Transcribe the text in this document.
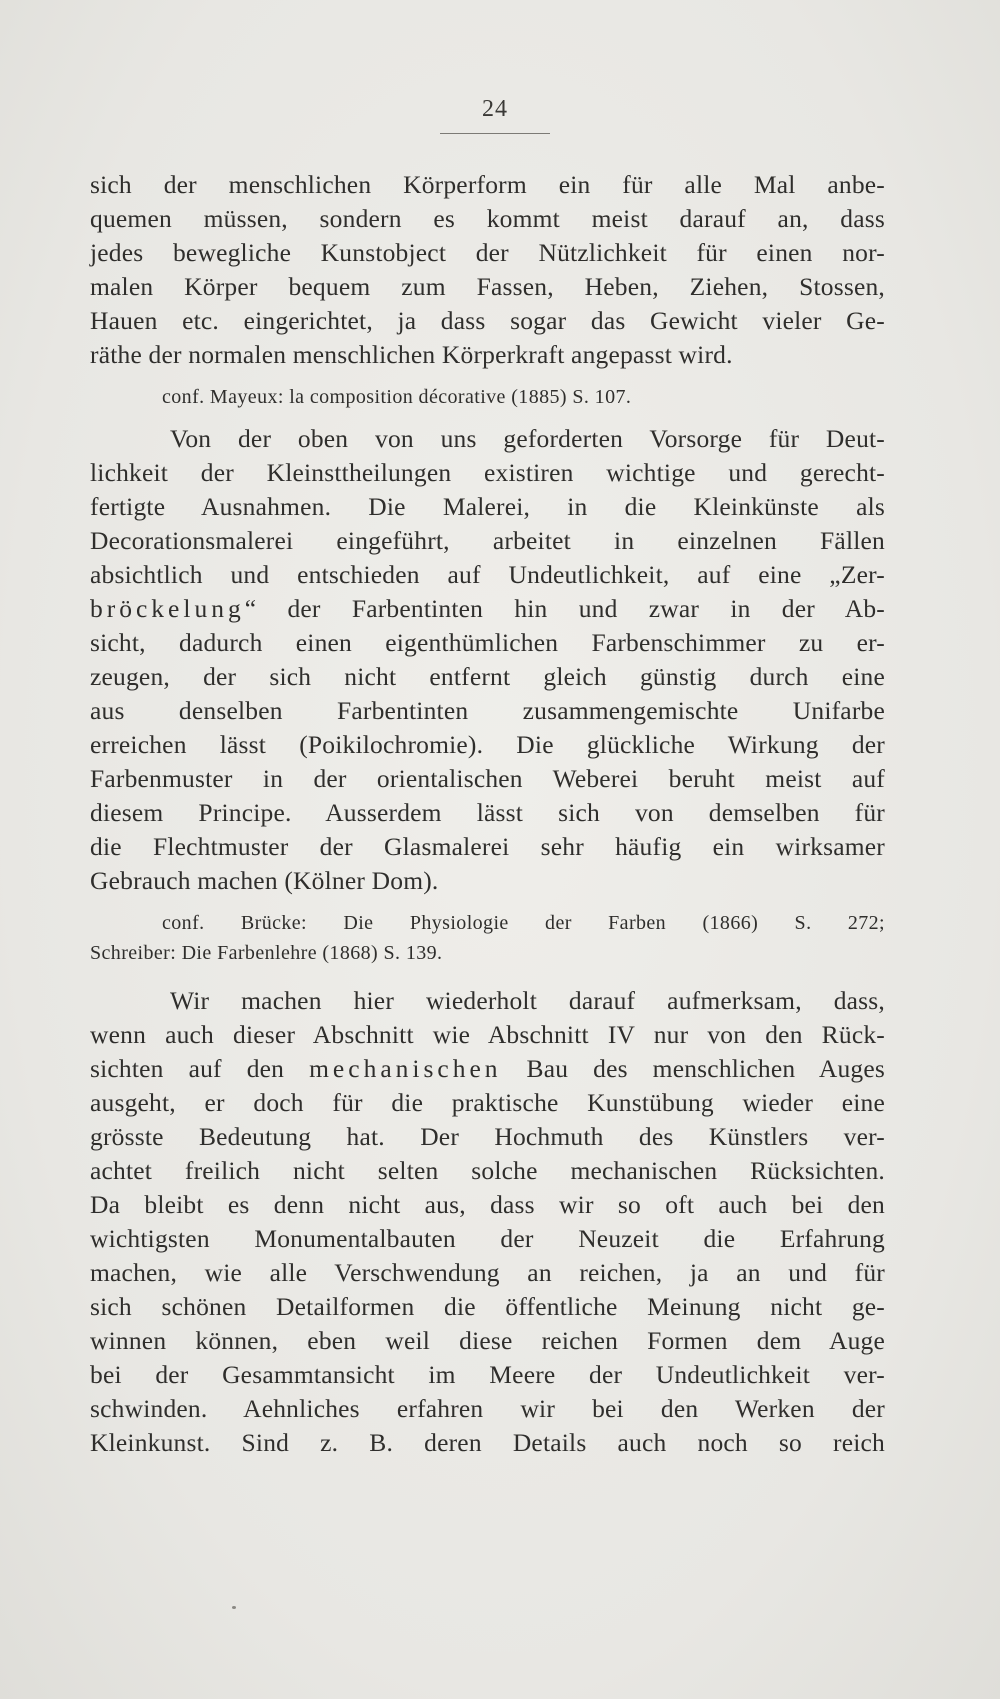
24
sich der menschlichen Körperform ein für alle Mal anbe-
quemen müssen, sondern es kommt meist darauf an, dass
jedes bewegliche Kunstobject der Nützlichkeit für einen nor-
malen Körper bequem zum Fassen, Heben, Ziehen, Stossen,
Hauen etc. eingerichtet, ja dass sogar das Gewicht vieler Ge-
räthe der normalen menschlichen Körperkraft angepasst wird.
conf. Mayeux: la composition décorative (1885) S. 107.
Von der oben von uns geforderten Vorsorge für Deut-
lichkeit der Kleinsttheilungen existiren wichtige und gerecht-
fertigte Ausnahmen. Die Malerei, in die Kleinkünste als
Decorationsmalerei eingeführt, arbeitet in einzelnen Fällen
absichtlich und entschieden auf Undeutlichkeit, auf eine „Zer-
bröckelung“ der Farbentinten hin und zwar in der Ab-
sicht, dadurch einen eigenthümlichen Farbenschimmer zu er-
zeugen, der sich nicht entfernt gleich günstig durch eine
aus denselben Farbentinten zusammengemischte Unifarbe
erreichen lässt (Poikilochromie). Die glückliche Wirkung der
Farbenmuster in der orientalischen Weberei beruht meist auf
diesem Principe. Ausserdem lässt sich von demselben für
die Flechtmuster der Glasmalerei sehr häufig ein wirksamer
Gebrauch machen (Kölner Dom).
conf. Brücke: Die Physiologie der Farben (1866) S. 272;
Schreiber: Die Farbenlehre (1868) S. 139.
Wir machen hier wiederholt darauf aufmerksam, dass,
wenn auch dieser Abschnitt wie Abschnitt IV nur von den Rück-
sichten auf den mechanischen Bau des menschlichen Auges
ausgeht, er doch für die praktische Kunstübung wieder eine
grösste Bedeutung hat. Der Hochmuth des Künstlers ver-
achtet freilich nicht selten solche mechanischen Rücksichten.
Da bleibt es denn nicht aus, dass wir so oft auch bei den
wichtigsten Monumentalbauten der Neuzeit die Erfahrung
machen, wie alle Verschwendung an reichen, ja an und für
sich schönen Detailformen die öffentliche Meinung nicht ge-
winnen können, eben weil diese reichen Formen dem Auge
bei der Gesammtansicht im Meere der Undeutlichkeit ver-
schwinden. Aehnliches erfahren wir bei den Werken der
Kleinkunst. Sind z. B. deren Details auch noch so reich
